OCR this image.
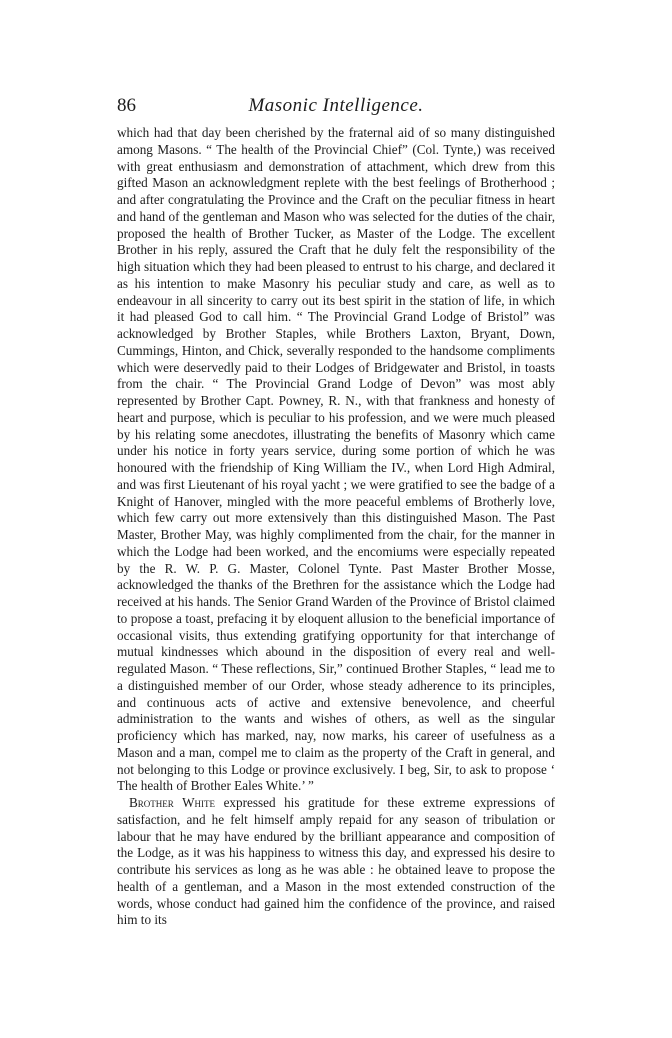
86	Masonic Intelligence.

which had that day been cherished by the fraternal aid of so many distinguished among Masons. “ The health of the Provincial Chief” (Col. Tynte,) was received with great enthusiasm and demonstration of attachment, which drew from this gifted Mason an acknowledgment replete with the best feelings of Brotherhood ; and after congratulating the Province and the Craft on the peculiar fitness in heart and hand of the gentleman and Mason who was selected for the duties of the chair, proposed the health of Brother Tucker, as Master of the Lodge. The excellent Brother in his reply, assured the Craft that he duly felt the responsibility of the high situation which they had been pleased to entrust to his charge, and declared it as his intention to make Masonry his peculiar study and care, as well as to endeavour in all sincerity to carry out its best spirit in the station of life, in which it had pleased God to call him. “ The Provincial Grand Lodge of Bristol” was acknowledged by Brother Staples, while Brothers Laxton, Bryant, Down, Cummings, Hinton, and Chick, severally responded to the handsome compliments which were deservedly paid to their Lodges of Bridgewater and Bristol, in toasts from the chair. “ The Provincial Grand Lodge of Devon” was most ably represented by Brother Capt. Powney, R. N., with that frankness and honesty of heart and purpose, which is peculiar to his profession, and we were much pleased by his relating some anecdotes, illustrating the benefits of Masonry which came under his notice in forty years service, during some portion of which he was honoured with the friendship of King William the IV., when Lord High Admiral, and was first Lieutenant of his royal yacht ; we were gratified to see the badge of a Knight of Hanover, mingled with the more peaceful emblems of Brotherly love, which few carry out more extensively than this distinguished Mason. The Past Master, Brother May, was highly complimented from the chair, for the manner in which the Lodge had been worked, and the encomiums were especially repeated by the R. W. P. G. Master, Colonel Tynte. Past Master Brother Mosse, acknowledged the thanks of the Brethren for the assistance which the Lodge had received at his hands. The Senior Grand Warden of the Province of Bristol claimed to propose a toast, prefacing it by eloquent allusion to the beneficial importance of occasional visits, thus extending gratifying opportunity for that interchange of mutual kindnesses which abound in the disposition of every real and well-regulated Mason. “ These reflections, Sir,” continued Brother Staples, “ lead me to a distinguished member of our Order, whose steady adherence to its principles, and continuous acts of active and extensive benevolence, and cheerful administration to the wants and wishes of others, as well as the singular proficiency which has marked, nay, now marks, his career of usefulness as a Mason and a man, compel me to claim as the property of the Craft in general, and not belonging to this Lodge or province exclusively. I beg, Sir, to ask to propose ‘ The health of Brother Eales White.’ ”

Brother White expressed his gratitude for these extreme expressions of satisfaction, and he felt himself amply repaid for any season of tribulation or labour that he may have endured by the brilliant appearance and composition of the Lodge, as it was his happiness to witness this day, and expressed his desire to contribute his services as long as he was able : he obtained leave to propose the health of a gentleman, and a Mason in the most extended construction of the words, whose conduct had gained him the confidence of the province, and raised him to its
